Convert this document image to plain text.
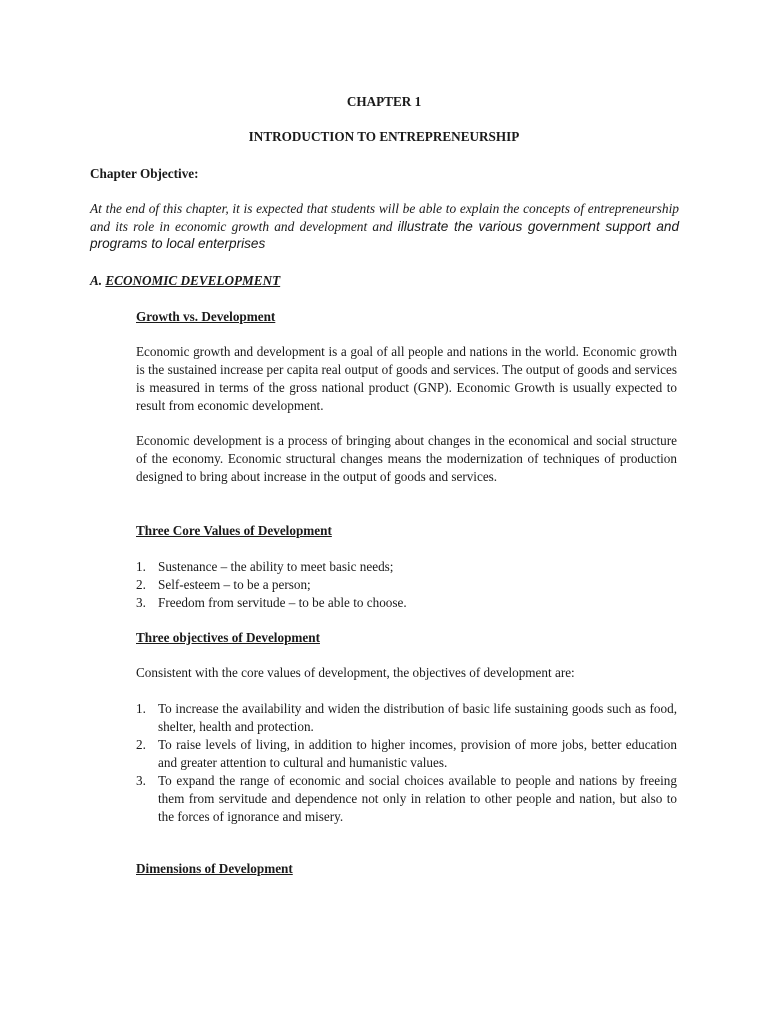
CHAPTER 1
INTRODUCTION TO ENTREPRENEURSHIP
Chapter Objective:
At the end of this chapter, it is expected that students will be able to explain the concepts of entrepreneurship and its role in economic growth and development and illustrate the various government support and programs to local enterprises
A. ECONOMIC DEVELOPMENT
Growth vs. Development

Economic growth and development is a goal of all people and nations in the world. Economic growth is the sustained increase per capita real output of goods and services. The output of goods and services is measured in terms of the gross national product (GNP). Economic Growth is usually expected to result from economic development.

Economic development is a process of bringing about changes in the economical and social structure of the economy. Economic structural changes means the modernization of techniques of production designed to bring about increase in the output of goods and services.

Three Core Values of Development
1. Sustenance – the ability to meet basic needs;
2. Self-esteem – to be a person;
3. Freedom from servitude – to be able to choose.
Three objectives of Development

Consistent with the core values of development, the objectives of development are:

1. To increase the availability and widen the distribution of basic life sustaining goods such as food, shelter, health and protection.
2. To raise levels of living, in addition to higher incomes, provision of more jobs, better education and greater attention to cultural and humanistic values.
3. To expand the range of economic and social choices available to people and nations by freeing them from servitude and dependence not only in relation to other people and nation, but also to the forces of ignorance and misery.
Dimensions of Development
